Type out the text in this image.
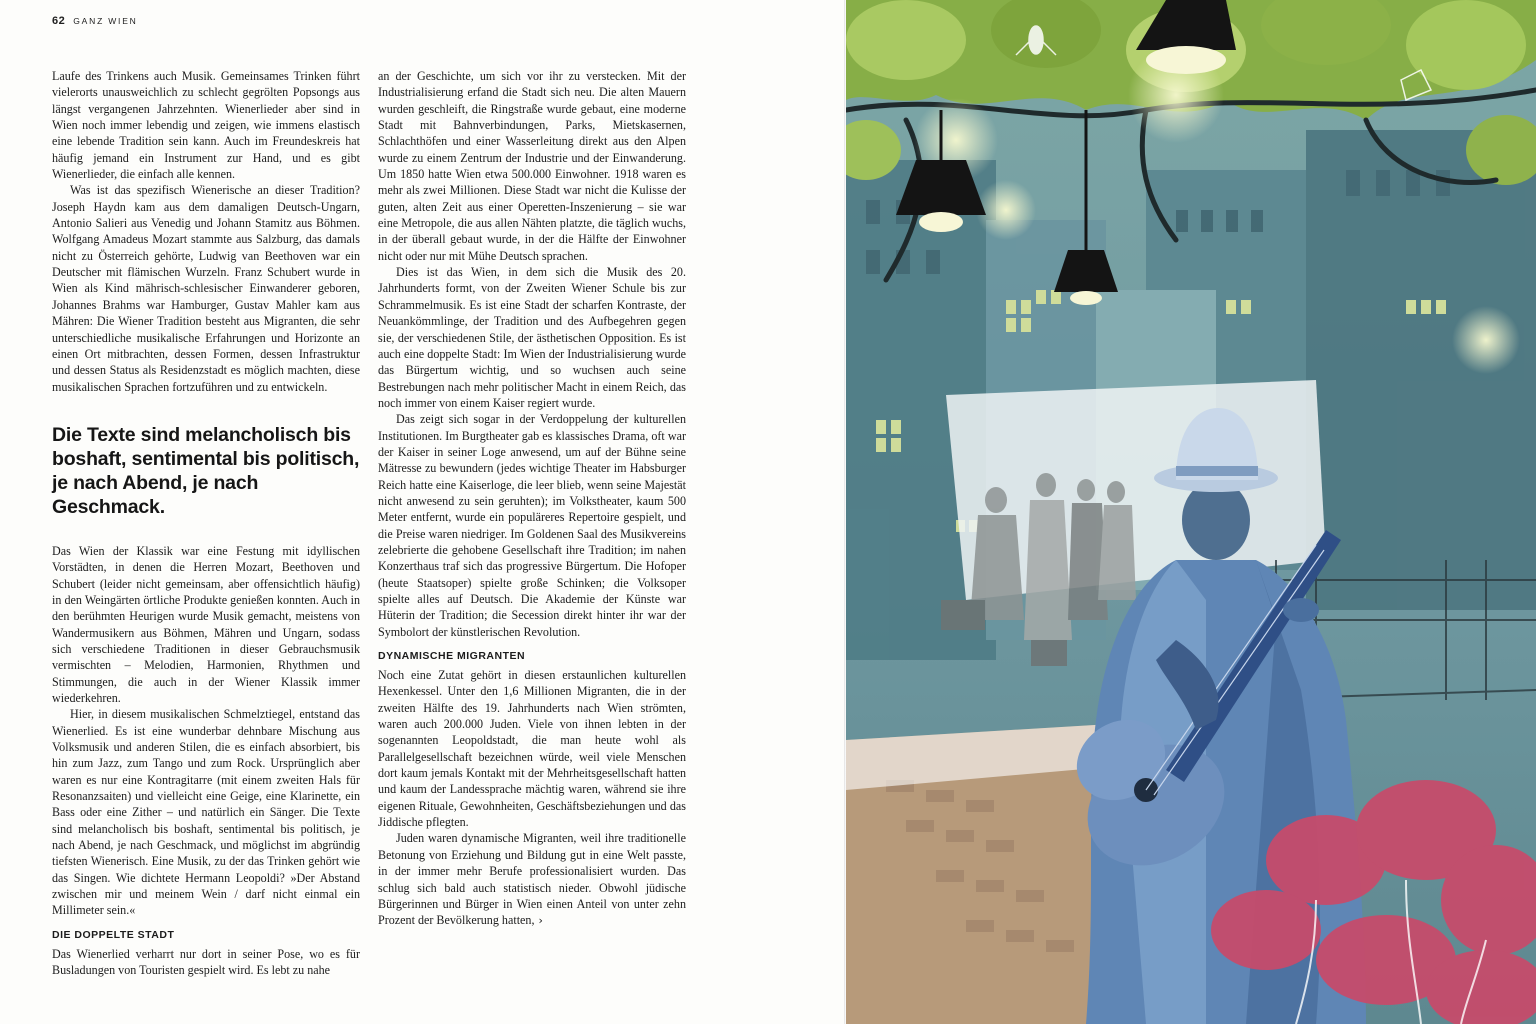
62 GANZ WIEN

Laufe des Trinkens auch Musik. Gemeinsames Trinken führt vielerorts unausweichlich zu schlecht gegrölten Popsongs aus längst vergangenen Jahrzehnten. Wienerlieder aber sind in Wien noch immer lebendig und zeigen, wie immens elastisch eine lebende Tradition sein kann. Auch im Freundeskreis hat häufig jemand ein Instrument zur Hand, und es gibt Wienerlieder, die einfach alle kennen.

Was ist das spezifisch Wienerische an dieser Tradition? Joseph Haydn kam aus dem damaligen Deutsch-Ungarn, Antonio Salieri aus Venedig und Johann Stamitz aus Böhmen. Wolfgang Amadeus Mozart stammte aus Salzburg, das damals nicht zu Österreich gehörte, Ludwig van Beethoven war ein Deutscher mit flämischen Wurzeln. Franz Schubert wurde in Wien als Kind mährisch-schlesischer Einwanderer geboren, Johannes Brahms war Hamburger, Gustav Mahler kam aus Mähren: Die Wiener Tradition besteht aus Migranten, die sehr unterschiedliche musikalische Erfahrungen und Horizonte an einen Ort mitbrachten, dessen Formen, dessen Infrastruktur und dessen Status als Residenzstadt es möglich machten, diese musikalischen Sprachen fortzuführen und zu entwickeln.

Die Texte sind melancholisch bis boshaft, sentimental bis politisch, je nach Abend, je nach Geschmack.

Das Wien der Klassik war eine Festung mit idyllischen Vorstädten, in denen die Herren Mozart, Beethoven und Schubert (leider nicht gemeinsam, aber offensichtlich häufig) in den Weingärten örtliche Produkte genießen konnten. Auch in den berühmten Heurigen wurde Musik gemacht, meistens von Wandermusikern aus Böhmen, Mähren und Ungarn, sodass sich verschiedene Traditionen in dieser Gebrauchsmusik vermischten – Melodien, Harmonien, Rhythmen und Stimmungen, die auch in der Wiener Klassik immer wiederkehren.

Hier, in diesem musikalischen Schmelztiegel, entstand das Wienerlied. Es ist eine wunderbar dehnbare Mischung aus Volksmusik und anderen Stilen, die es einfach absorbiert, bis hin zum Jazz, zum Tango und zum Rock. Ursprünglich aber waren es nur eine Kontragitarre (mit einem zweiten Hals für Resonanzsaiten) und vielleicht eine Geige, eine Klarinette, ein Bass oder eine Zither – und natürlich ein Sänger. Die Texte sind melancholisch bis boshaft, sentimental bis politisch, je nach Abend, je nach Geschmack, und möglichst im abgründig tiefsten Wienerisch. Eine Musik, zu der das Trinken gehört wie das Singen. Wie dichtete Hermann Leopoldi? »Der Abstand zwischen mir und meinem Wein / darf nicht einmal ein Millimeter sein.«

DIE DOPPELTE STADT

Das Wienerlied verharrt nur dort in seiner Pose, wo es für Busladungen von Touristen gespielt wird. Es lebt zu nahe

an der Geschichte, um sich vor ihr zu verstecken. Mit der Industrialisierung erfand die Stadt sich neu. Die alten Mauern wurden geschleift, die Ringstraße wurde gebaut, eine moderne Stadt mit Bahnverbindungen, Parks, Mietskasernen, Schlachthöfen und einer Wasserleitung direkt aus den Alpen wurde zu einem Zentrum der Industrie und der Einwanderung. Um 1850 hatte Wien etwa 500.000 Einwohner. 1918 waren es mehr als zwei Millionen. Diese Stadt war nicht die Kulisse der guten, alten Zeit aus einer Operetten-Inszenierung – sie war eine Metropole, die aus allen Nähten platzte, die täglich wuchs, in der überall gebaut wurde, in der die Hälfte der Einwohner nicht oder nur mit Mühe Deutsch sprachen.

Dies ist das Wien, in dem sich die Musik des 20. Jahrhunderts formt, von der Zweiten Wiener Schule bis zur Schrammelmusik. Es ist eine Stadt der scharfen Kontraste, der Neuankömmlinge, der Tradition und des Aufbegehren gegen sie, der verschiedenen Stile, der ästhetischen Opposition. Es ist auch eine doppelte Stadt: Im Wien der Industrialisierung wurde das Bürgertum wichtig, und so wuchsen auch seine Bestrebungen nach mehr politischer Macht in einem Reich, das noch immer von einem Kaiser regiert wurde.

Das zeigt sich sogar in der Verdoppelung der kulturellen Institutionen. Im Burgtheater gab es klassisches Drama, oft war der Kaiser in seiner Loge anwesend, um auf der Bühne seine Mätresse zu bewundern (jedes wichtige Theater im Habsburger Reich hatte eine Kaiserloge, die leer blieb, wenn seine Majestät nicht anwesend zu sein geruhten); im Volkstheater, kaum 500 Meter entfernt, wurde ein populäreres Repertoire gespielt, und die Preise waren niedriger. Im Goldenen Saal des Musikvereins zelebrierte die gehobene Gesellschaft ihre Tradition; im nahen Konzerthaus traf sich das progressive Bürgertum. Die Hofoper (heute Staatsoper) spielte große Schinken; die Volksoper spielte alles auf Deutsch. Die Akademie der Künste war Hüterin der Tradition; die Secession direkt hinter ihr war der Symbolort der künstlerischen Revolution.

DYNAMISCHE MIGRANTEN

Noch eine Zutat gehört in diesen erstaunlichen kulturellen Hexenkessel. Unter den 1,6 Millionen Migranten, die in der zweiten Hälfte des 19. Jahrhunderts nach Wien strömten, waren auch 200.000 Juden. Viele von ihnen lebten in der sogenannten Leopoldstadt, die man heute wohl als Parallelgesellschaft bezeichnen würde, weil viele Menschen dort kaum jemals Kontakt mit der Mehrheitsgesellschaft hatten und kaum der Landessprache mächtig waren, während sie ihre eigenen Rituale, Gewohnheiten, Geschäftsbeziehungen und das Jiddische pflegten.

Juden waren dynamische Migranten, weil ihre traditionelle Betonung von Erziehung und Bildung gut in eine Welt passte, in der immer mehr Berufe professionalisiert wurden. Das schlug sich bald auch statistisch nieder. Obwohl jüdische Bürgerinnen und Bürger in Wien einen Anteil von unter zehn Prozent der Bevölkerung hatten, ›
